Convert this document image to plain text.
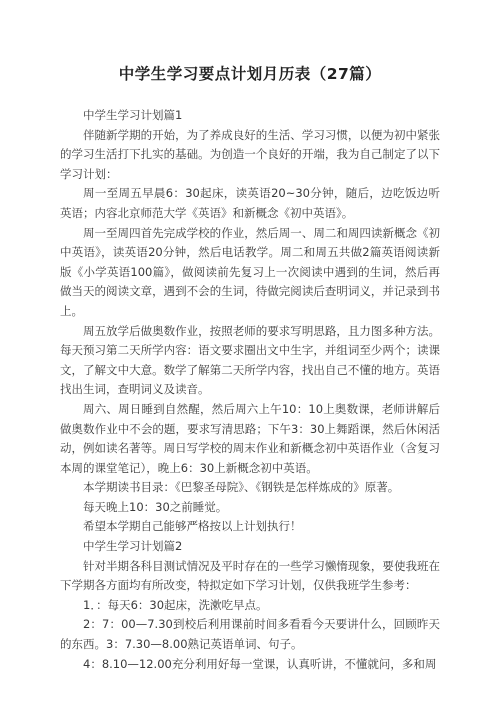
中学生学习要点计划月历表（27篇）

中学生学习计划篇1

伴随新学期的开始，为了养成良好的生活、学习习惯，以便为初中紧张的学习生活打下扎实的基础。为创造一个良好的开端，我为自己制定了以下学习计划：

周一至周五早晨6：30起床，读英语20~30分钟，随后，边吃饭边听英语；内容北京师范大学《英语》和新概念《初中英语》。

周一至周四首先完成学校的作业，然后周一、周二和周四读新概念《初中英语》，读英语20分钟，然后电话教学。周二和周五共做2篇英语阅读新版《小学英语100篇》，做阅读前先复习上一次阅读中遇到的生词，然后再做当天的阅读文章，遇到不会的生词，待做完阅读后查明词义，并记录到书上。

周五放学后做奥数作业，按照老师的要求写明思路，且力图多种方法。每天预习第二天所学内容：语文要求圈出文中生字，并组词至少两个；读课文，了解文中大意。数学了解第二天所学内容，找出自己不懂的地方。英语找出生词，查明词义及读音。

周六、周日睡到自然醒，然后周六上午10：10上奥数课，老师讲解后做奥数作业中不会的题，要求写清思路；下午3：30上舞蹈课，然后休闲活动，例如读名著等。周日写学校的周末作业和新概念初中英语作业（含复习本周的课堂笔记），晚上6：30上新概念初中英语。

本学期读书目录：《巴黎圣母院》、《钢铁是怎样炼成的》原著。

每天晚上10：30之前睡觉。

希望本学期自己能够严格按以上计划执行！

中学生学习计划篇2

针对半期各科目测试情况及平时存在的一些学习懒惰现象，要使我班在下学期各方面均有所改变，特拟定如下学习计划，仅供我班学生参考：

1．：每天6：30起床，洗漱吃早点。

2：7：00—7.30到校后利用课前时间多看看今天要讲什么，回顾昨天的东西。3：7.30—8.00熟记英语单词、句子。

4：8.10—12.00充分利用好每一堂课，认真听讲，不懂就问，多和周
